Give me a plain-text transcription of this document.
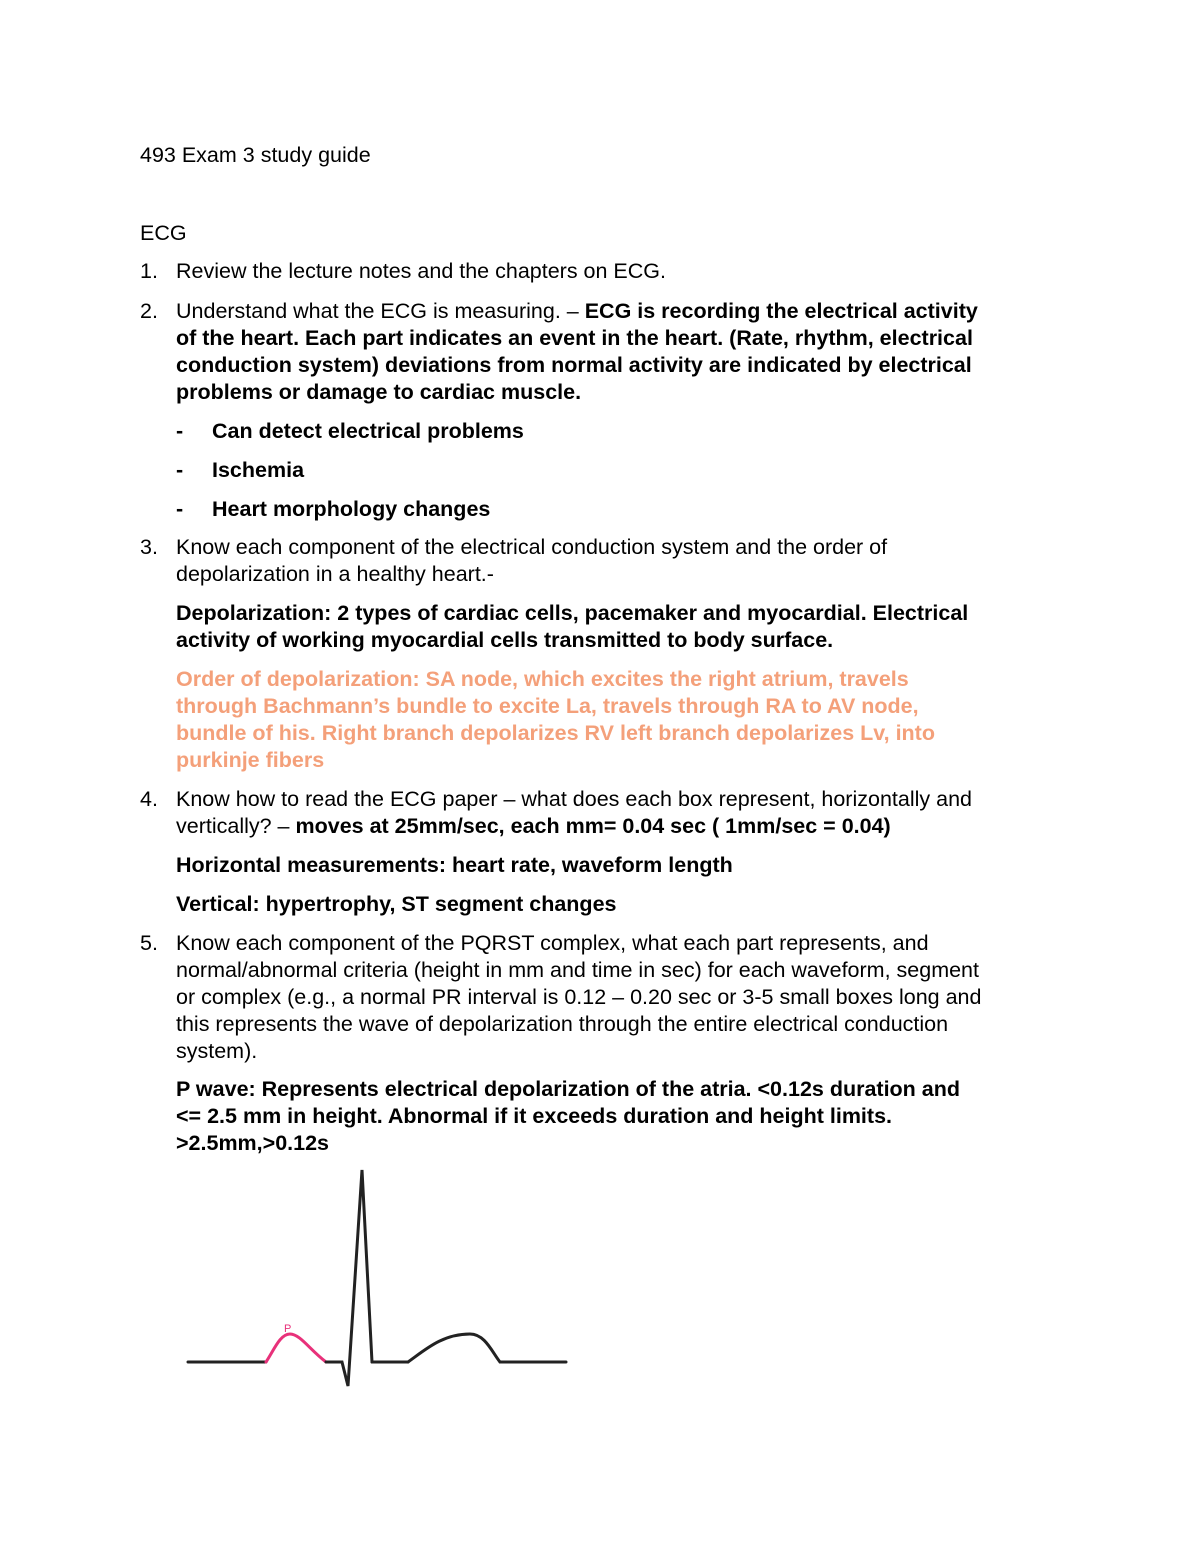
493 Exam 3 study guide
ECG
1. Review the lecture notes and the chapters on ECG.
2. Understand what the ECG is measuring. – ECG is recording the electrical activity
of the heart. Each part indicates an event in the heart. (Rate, rhythm, electrical
conduction system) deviations from normal activity are indicated by electrical
problems or damage to cardiac muscle.
- Can detect electrical problems
- Ischemia
- Heart morphology changes
3. Know each component of the electrical conduction system and the order of
depolarization in a healthy heart.-
Depolarization: 2 types of cardiac cells, pacemaker and myocardial. Electrical
activity of working myocardial cells transmitted to body surface.
Order of depolarization: SA node, which excites the right atrium, travels
through Bachmann’s bundle to excite La, travels through RA to AV node,
bundle of his. Right branch depolarizes RV left branch depolarizes Lv, into
purkinje fibers
4. Know how to read the ECG paper – what does each box represent, horizontally and
vertically? – moves at 25mm/sec, each mm= 0.04 sec ( 1mm/sec = 0.04)
Horizontal measurements: heart rate, waveform length
Vertical: hypertrophy, ST segment changes
5. Know each component of the PQRST complex, what each part represents, and
normal/abnormal criteria (height in mm and time in sec) for each waveform, segment
or complex (e.g., a normal PR interval is 0.12 – 0.20 sec or 3-5 small boxes long and
this represents the wave of depolarization through the entire electrical conduction
system).
P wave: Represents electrical depolarization of the atria. <0.12s duration and
<= 2.5 mm in height. Abnormal if it exceeds duration and height limits.
>2.5mm,>0.12s
P
